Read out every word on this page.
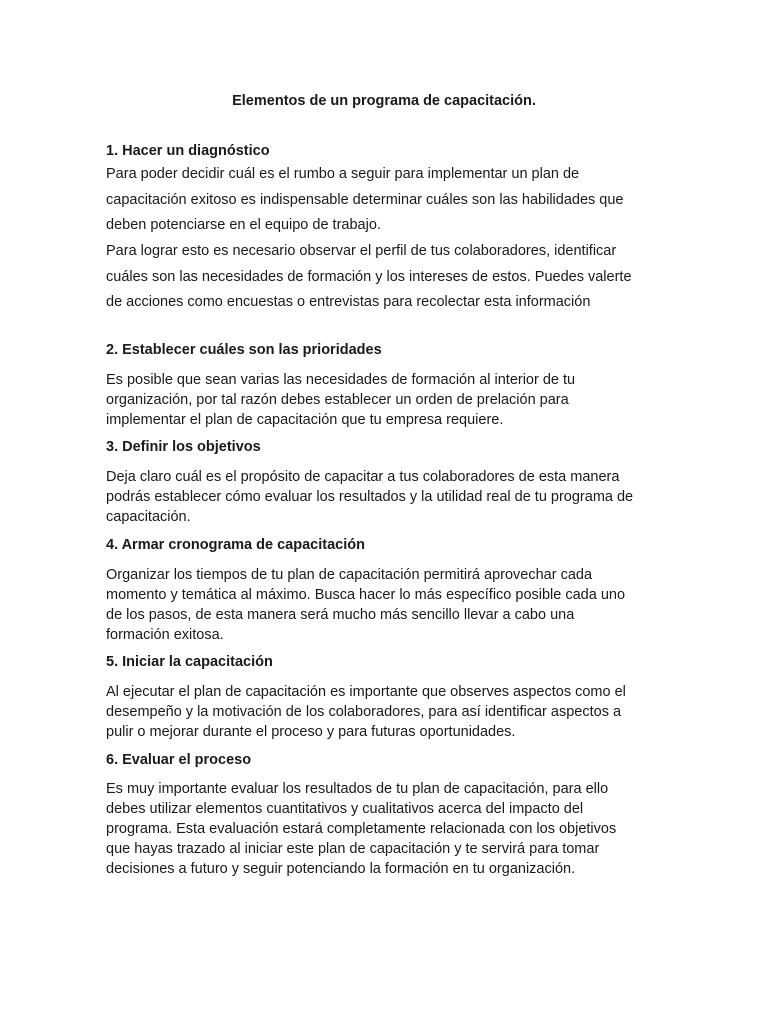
Elementos de un programa de capacitación.
1. Hacer un diagnóstico

Para poder decidir cuál es el rumbo a seguir para implementar un plan de
capacitación exitoso es indispensable determinar cuáles son las habilidades que
deben potenciarse en el equipo de trabajo.

Para lograr esto es necesario observar el perfil de tus colaboradores, identificar
cuáles son las necesidades de formación y los intereses de estos. Puedes valerte
de acciones como encuestas o entrevistas para recolectar esta información

2. Establecer cuáles son las prioridades

Es posible que sean varias las necesidades de formación al interior de tu
organización, por tal razón debes establecer un orden de prelación para
implementar el plan de capacitación que tu empresa requiere.

3. Definir los objetivos

Deja claro cuál es el propósito de capacitar a tus colaboradores de esta manera
podrás establecer cómo evaluar los resultados y la utilidad real de tu programa de
capacitación.

4. Armar cronograma de capacitación

Organizar los tiempos de tu plan de capacitación permitirá aprovechar cada
momento y temática al máximo. Busca hacer lo más específico posible cada uno
de los pasos, de esta manera será mucho más sencillo llevar a cabo una
formación exitosa.

5. Iniciar la capacitación

Al ejecutar el plan de capacitación es importante que observes aspectos como el
desempeño y la motivación de los colaboradores, para así identificar aspectos a
pulir o mejorar durante el proceso y para futuras oportunidades.

6. Evaluar el proceso

Es muy importante evaluar los resultados de tu plan de capacitación, para ello
debes utilizar elementos cuantitativos y cualitativos acerca del impacto del
programa. Esta evaluación estará completamente relacionada con los objetivos
que hayas trazado al iniciar este plan de capacitación y te servirá para tomar
decisiones a futuro y seguir potenciando la formación en tu organización.
